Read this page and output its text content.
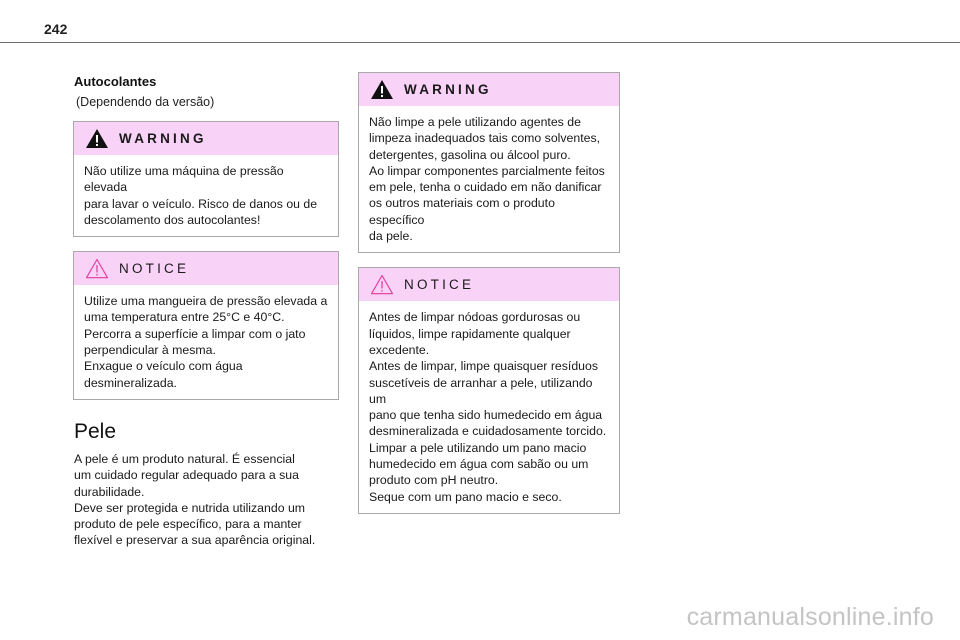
242
Autocolantes
(Dependendo da versão)
WARNING

Não utilize uma máquina de pressão elevada

para lavar o veículo. Risco de danos ou de

descolamento dos autocolantes!

NOTICE

Utilize uma mangueira de pressão elevada a

uma temperatura entre 25°C e 40°C.

Percorra a superfície a limpar com o jato

perpendicular à mesma.

Enxague o veículo com água

desmineralizada.

Pele

A pele é um produto natural. É essencial

um cuidado regular adequado para a sua

durabilidade.

Deve ser protegida e nutrida utilizando um

produto de pele específico, para a manter

flexível e preservar a sua aparência original.

WARNING

Não limpe a pele utilizando agentes de

limpeza inadequados tais como solventes,

detergentes, gasolina ou álcool puro.

Ao limpar componentes parcialmente feitos

em pele, tenha o cuidado em não danificar

os outros materiais com o produto específico

da pele.

NOTICE

Antes de limpar nódoas gordurosas ou

líquidos, limpe rapidamente qualquer

excedente.

Antes de limpar, limpe quaisquer resíduos

suscetíveis de arranhar a pele, utilizando um

pano que tenha sido humedecido em água

desmineralizada e cuidadosamente torcido.

Limpar a pele utilizando um pano macio

humedecido em água com sabão ou um

produto com pH neutro.

Seque com um pano macio e seco.

carmanualsonline.info
